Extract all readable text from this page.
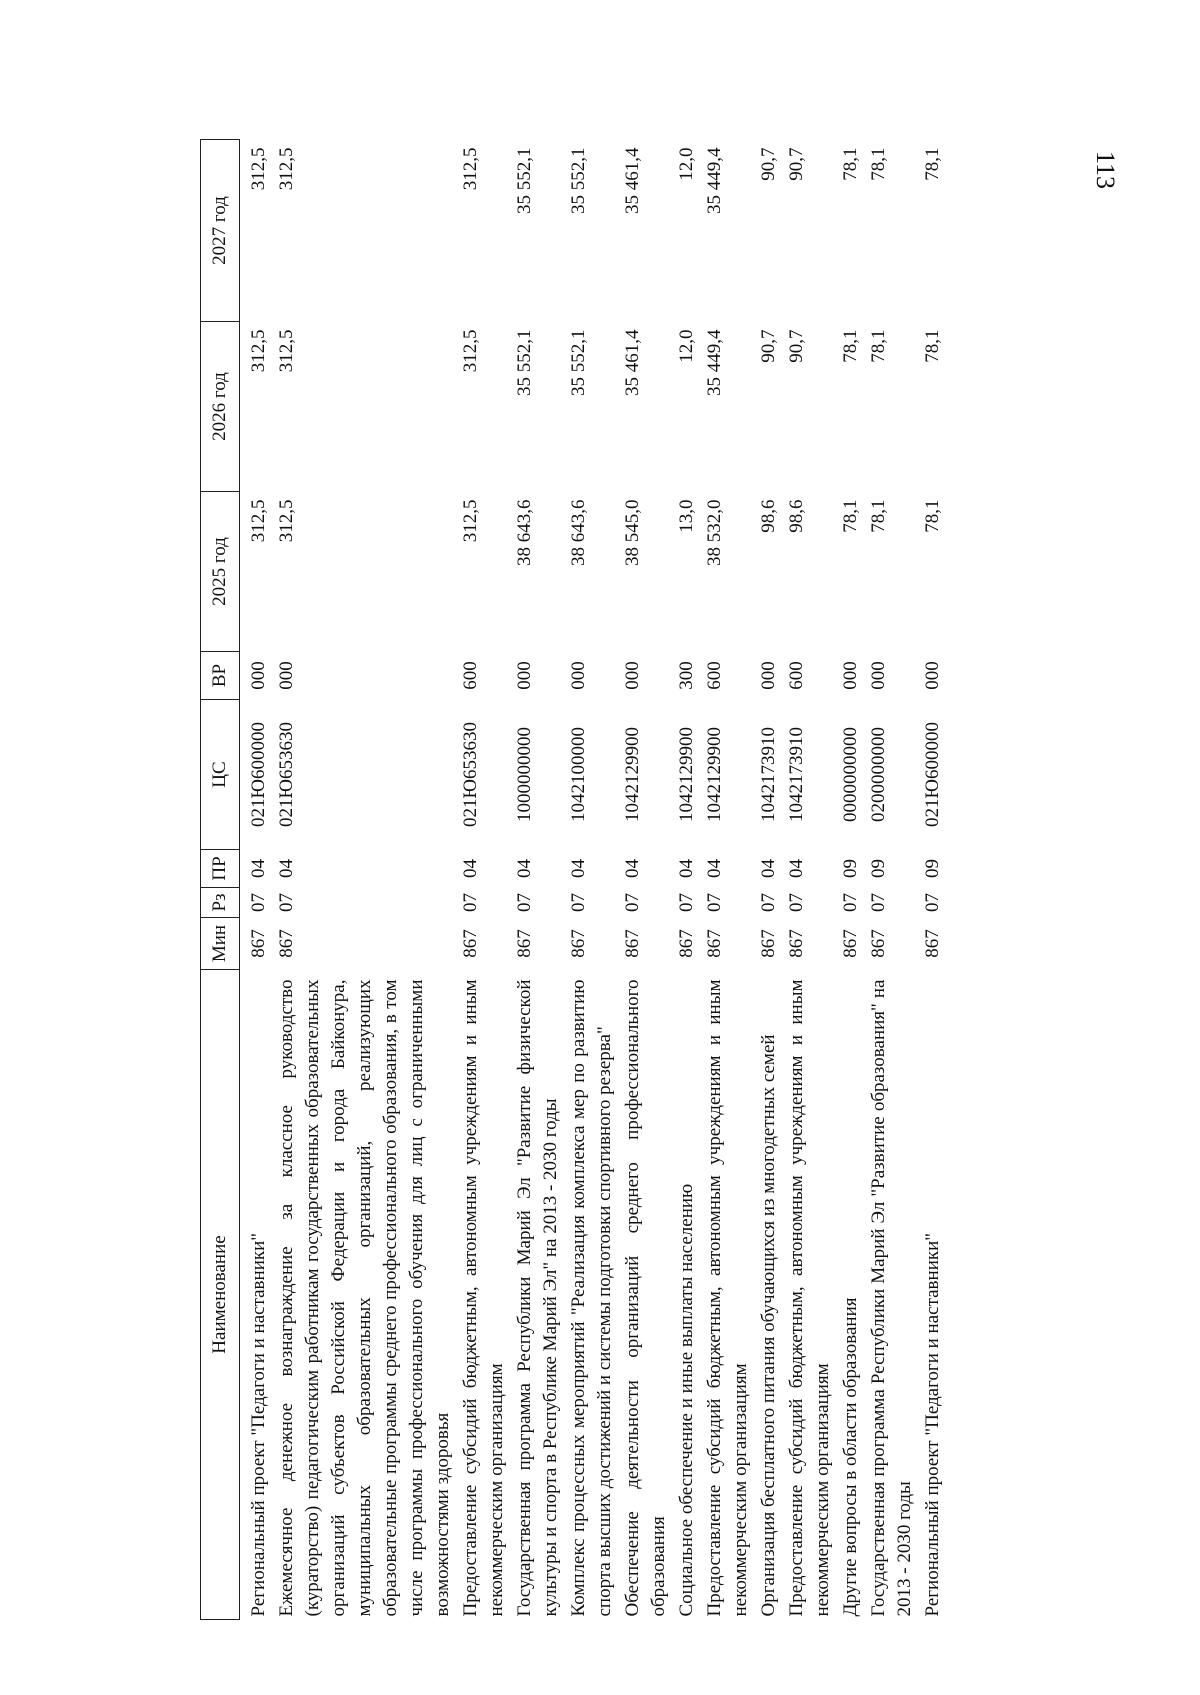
113
Наименование	Мин	Рз	ПР	ЦС	ВР	2025 год	2026 год	2027 год
Региональный проект "Педагоги и наставники"	867	07	04	021Ю600000	000	312,5	312,5	312,5
Ежемесячное денежное вознаграждение за классное руководство (кураторство) педагогическим работникам государственных образовательных организаций субъектов Российской Федерации и города Байконура, муниципальных образовательных организаций, реализующих образовательные программы среднего профессионального образования, в том числе программы профессионального обучения для лиц с ограниченными возможностями здоровья	867	07	04	021Ю653630	000	312,5	312,5	312,5
Предоставление субсидий бюджетным, автономным учреждениям и иным некоммерческим организациям	867	07	04	021Ю653630	600	312,5	312,5	312,5
Государственная программа Республики Марий Эл "Развитие физической культуры и спорта в Республике Марий Эл" на 2013 - 2030 годы	867	07	04	1000000000	000	38 643,6	35 552,1	35 552,1
Комплекс процессных мероприятий "Реализация комплекса мер по развитию спорта высших достижений и системы подготовки спортивного резерва"	867	07	04	1042100000	000	38 643,6	35 552,1	35 552,1
Обеспечение деятельности организаций среднего профессионального образования	867	07	04	1042129900	000	38 545,0	35 461,4	35 461,4
Социальное обеспечение и иные выплаты населению	867	07	04	1042129900	300	13,0	12,0	12,0
Предоставление субсидий бюджетным, автономным учреждениям и иным некоммерческим организациям	867	07	04	1042129900	600	38 532,0	35 449,4	35 449,4
Организация бесплатного питания обучающихся из многодетных семей	867	07	04	1042173910	000	98,6	90,7	90,7
Предоставление субсидий бюджетным, автономным учреждениям и иным некоммерческим организациям	867	07	04	1042173910	600	98,6	90,7	90,7
Другие вопросы в области образования	867	07	09	0000000000	000	78,1	78,1	78,1
Государственная программа Республики Марий Эл "Развитие образования" на 2013 - 2030 годы	867	07	09	0200000000	000	78,1	78,1	78,1
Региональный проект "Педагоги и наставники"	867	07	09	021Ю600000	000	78,1	78,1	78,1
